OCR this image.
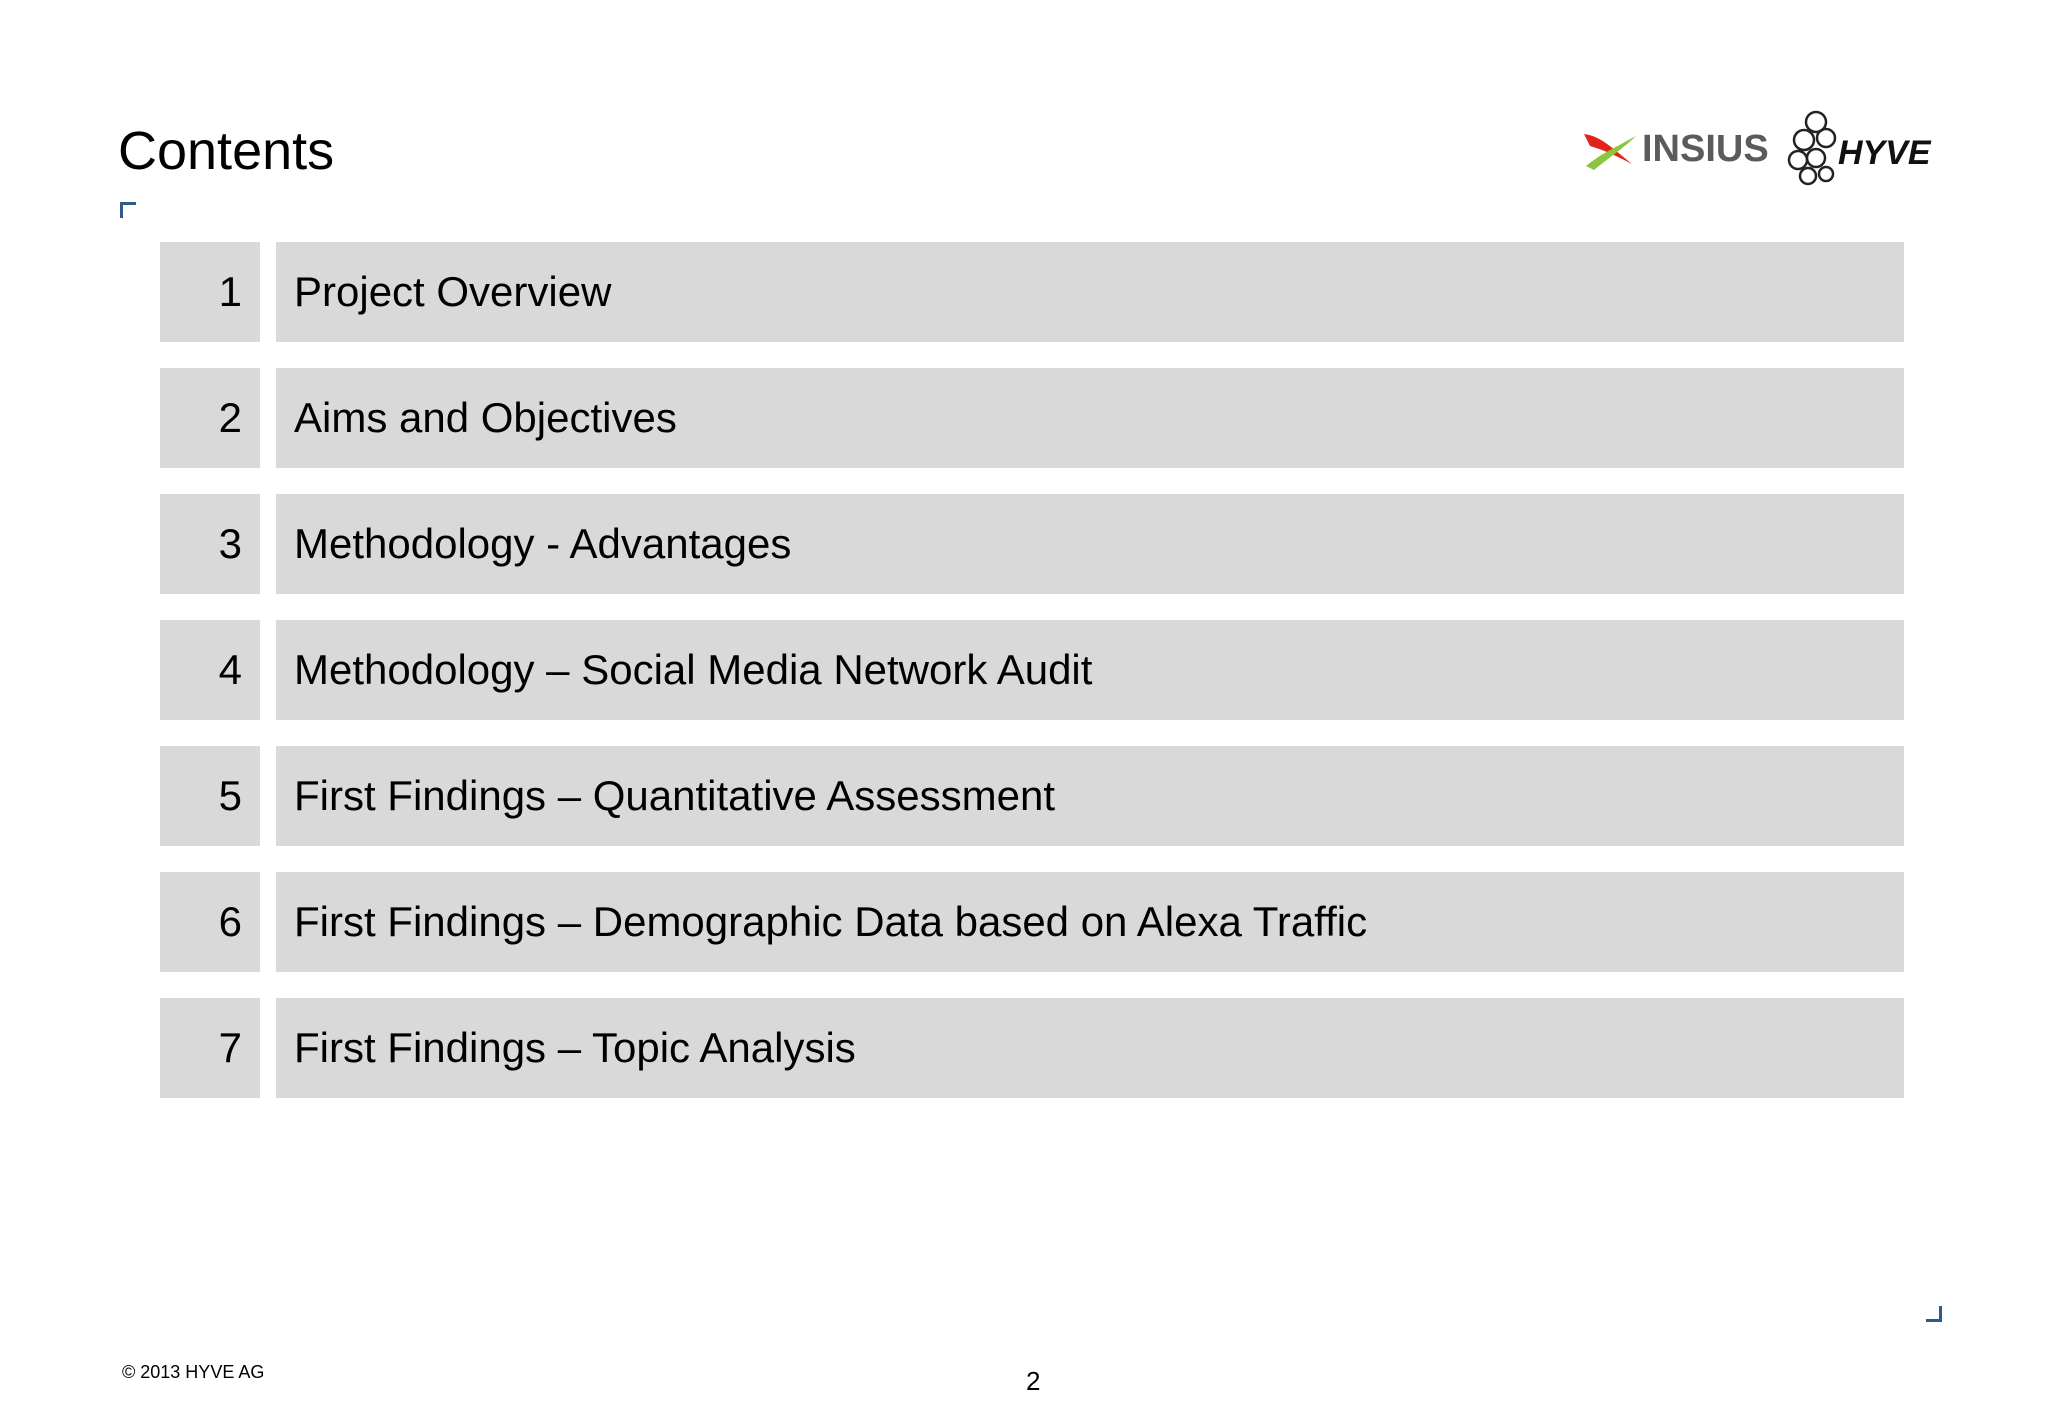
Contents	INSIUS HYVE
1	Project Overview
2	Aims and Objectives
3	Methodology - Advantages
4	Methodology – Social Media Network Audit
5	First Findings – Quantitative Assessment
6	First Findings – Demographic Data based on Alexa Traffic
7	First Findings – Topic Analysis
© 2013 HYVE AG	2
